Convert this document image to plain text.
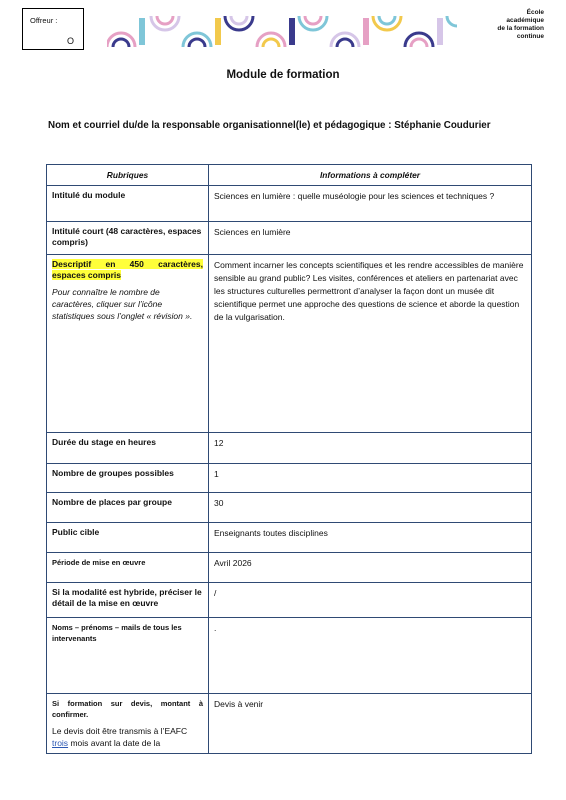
Offreur :
O
École
académique
de la formation
continue
Module de formation
Nom et courriel du/de la responsable organisationnel(le) et pédagogique : Stéphanie Coudurier
Rubriques	Informations à compléter
Intitulé du module	Sciences en lumière : quelle muséologie pour les sciences et techniques ?
Intitulé court (48 caractères, espaces compris)	Sciences en lumière

Descriptif en 450 caractères, espaces compris
Pour connaître le nombre de caractères, cliquer sur l’icône statistiques sous l’onglet « révision ».	Comment incarner les concepts scientifiques et les rendre accessibles de manière sensible au grand public? Les visites, conférences et ateliers en partenariat avec les structures culturelles permettront d’analyser la façon dont un musée dit scientifique permet une approche des questions de science et aborde la question de la vulgarisation.
Durée du stage en heures	12
Nombre de groupes possibles	1
Nombre de places par groupe	30
Public cible	Enseignants toutes disciplines
Période de mise en œuvre	Avril 2026
Si la modalité est hybride, préciser le détail de la mise en œuvre	/
Noms – prénoms – mails de tous les intervenants	.

Si formation sur devis, montant à confirmer.
Le devis doit être transmis à l’EAFC trois mois avant la date de la	Devis à venir
